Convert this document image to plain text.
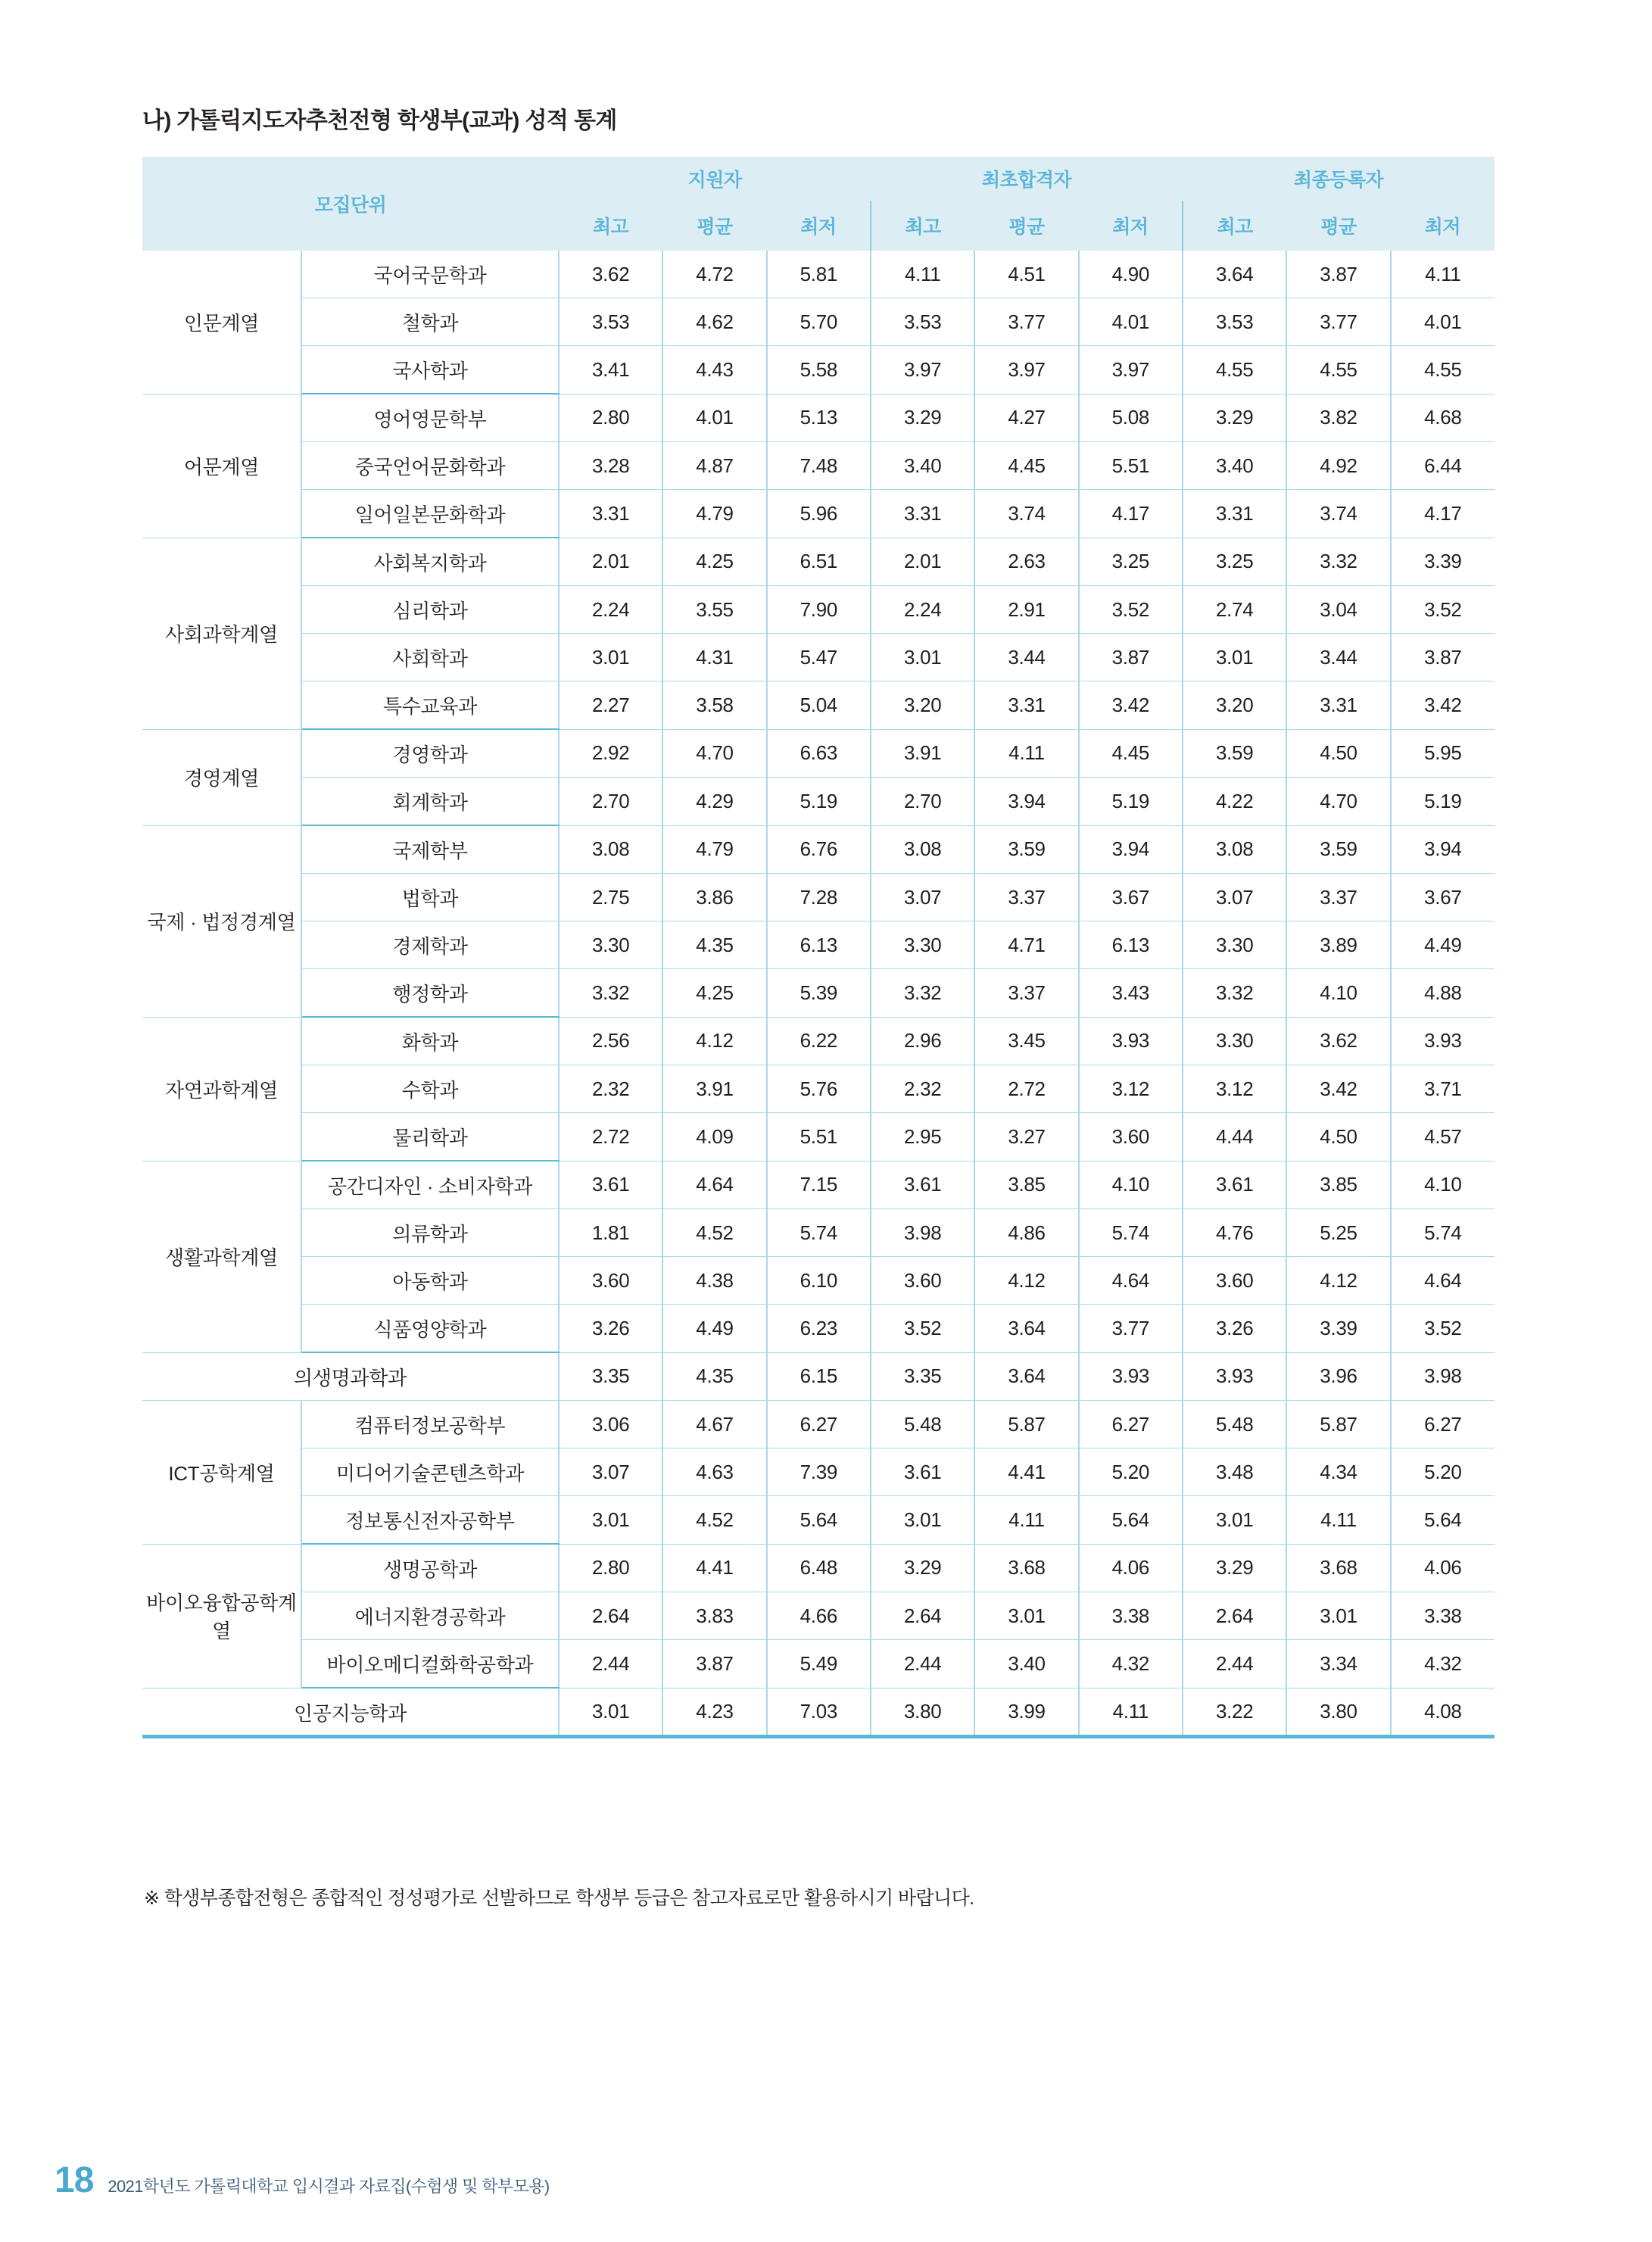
나) 가톨릭지도자추천전형 학생부(교과) 성적 통계
모집단위		지원자			최초합격자			최종등록자		
		최고	평균	최저	최고	평균	최저	최고	평균	최저
인문계열	국어국문학과	3.62	4.72	5.81	4.11	4.51	4.90	3.64	3.87	4.11
	철학과	3.53	4.62	5.70	3.53	3.77	4.01	3.53	3.77	4.01
	국사학과	3.41	4.43	5.58	3.97	3.97	3.97	4.55	4.55	4.55
어문계열	영어영문학부	2.80	4.01	5.13	3.29	4.27	5.08	3.29	3.82	4.68
	중국언어문화학과	3.28	4.87	7.48	3.40	4.45	5.51	3.40	4.92	6.44
	일어일본문화학과	3.31	4.79	5.96	3.31	3.74	4.17	3.31	3.74	4.17
사회과학계열	사회복지학과	2.01	4.25	6.51	2.01	2.63	3.25	3.25	3.32	3.39
	심리학과	2.24	3.55	7.90	2.24	2.91	3.52	2.74	3.04	3.52
	사회학과	3.01	4.31	5.47	3.01	3.44	3.87	3.01	3.44	3.87
	특수교육과	2.27	3.58	5.04	3.20	3.31	3.42	3.20	3.31	3.42
경영계열	경영학과	2.92	4.70	6.63	3.91	4.11	4.45	3.59	4.50	5.95
	회계학과	2.70	4.29	5.19	2.70	3.94	5.19	4.22	4.70	5.19
국제 · 법정경계열	국제학부	3.08	4.79	6.76	3.08	3.59	3.94	3.08	3.59	3.94
	법학과	2.75	3.86	7.28	3.07	3.37	3.67	3.07	3.37	3.67
	경제학과	3.30	4.35	6.13	3.30	4.71	6.13	3.30	3.89	4.49
	행정학과	3.32	4.25	5.39	3.32	3.37	3.43	3.32	4.10	4.88
자연과학계열	화학과	2.56	4.12	6.22	2.96	3.45	3.93	3.30	3.62	3.93
	수학과	2.32	3.91	5.76	2.32	2.72	3.12	3.12	3.42	3.71
	물리학과	2.72	4.09	5.51	2.95	3.27	3.60	4.44	4.50	4.57
생활과학계열	공간디자인 · 소비자학과	3.61	4.64	7.15	3.61	3.85	4.10	3.61	3.85	4.10
	의류학과	1.81	4.52	5.74	3.98	4.86	5.74	4.76	5.25	5.74
	아동학과	3.60	4.38	6.10	3.60	4.12	4.64	3.60	4.12	4.64
	식품영양학과	3.26	4.49	6.23	3.52	3.64	3.77	3.26	3.39	3.52
의생명과학과		3.35	4.35	6.15	3.35	3.64	3.93	3.93	3.96	3.98
ICT공학계열	컴퓨터정보공학부	3.06	4.67	6.27	5.48	5.87	6.27	5.48	5.87	6.27
	미디어기술콘텐츠학과	3.07	4.63	7.39	3.61	4.41	5.20	3.48	4.34	5.20
	정보통신전자공학부	3.01	4.52	5.64	3.01	4.11	5.64	3.01	4.11	5.64
바이오융합공학계열	생명공학과	2.80	4.41	6.48	3.29	3.68	4.06	3.29	3.68	4.06
	에너지환경공학과	2.64	3.83	4.66	2.64	3.01	3.38	2.64	3.01	3.38
	바이오메디컬화학공학과	2.44	3.87	5.49	2.44	3.40	4.32	2.44	3.34	4.32
인공지능학과		3.01	4.23	7.03	3.80	3.99	4.11	3.22	3.80	4.08
※ 학생부종합전형은 종합적인 정성평가로 선발하므로 학생부 등급은 참고자료로만 활용하시기 바랍니다.
18 2021학년도 가톨릭대학교 입시결과 자료집(수험생 및 학부모용)
